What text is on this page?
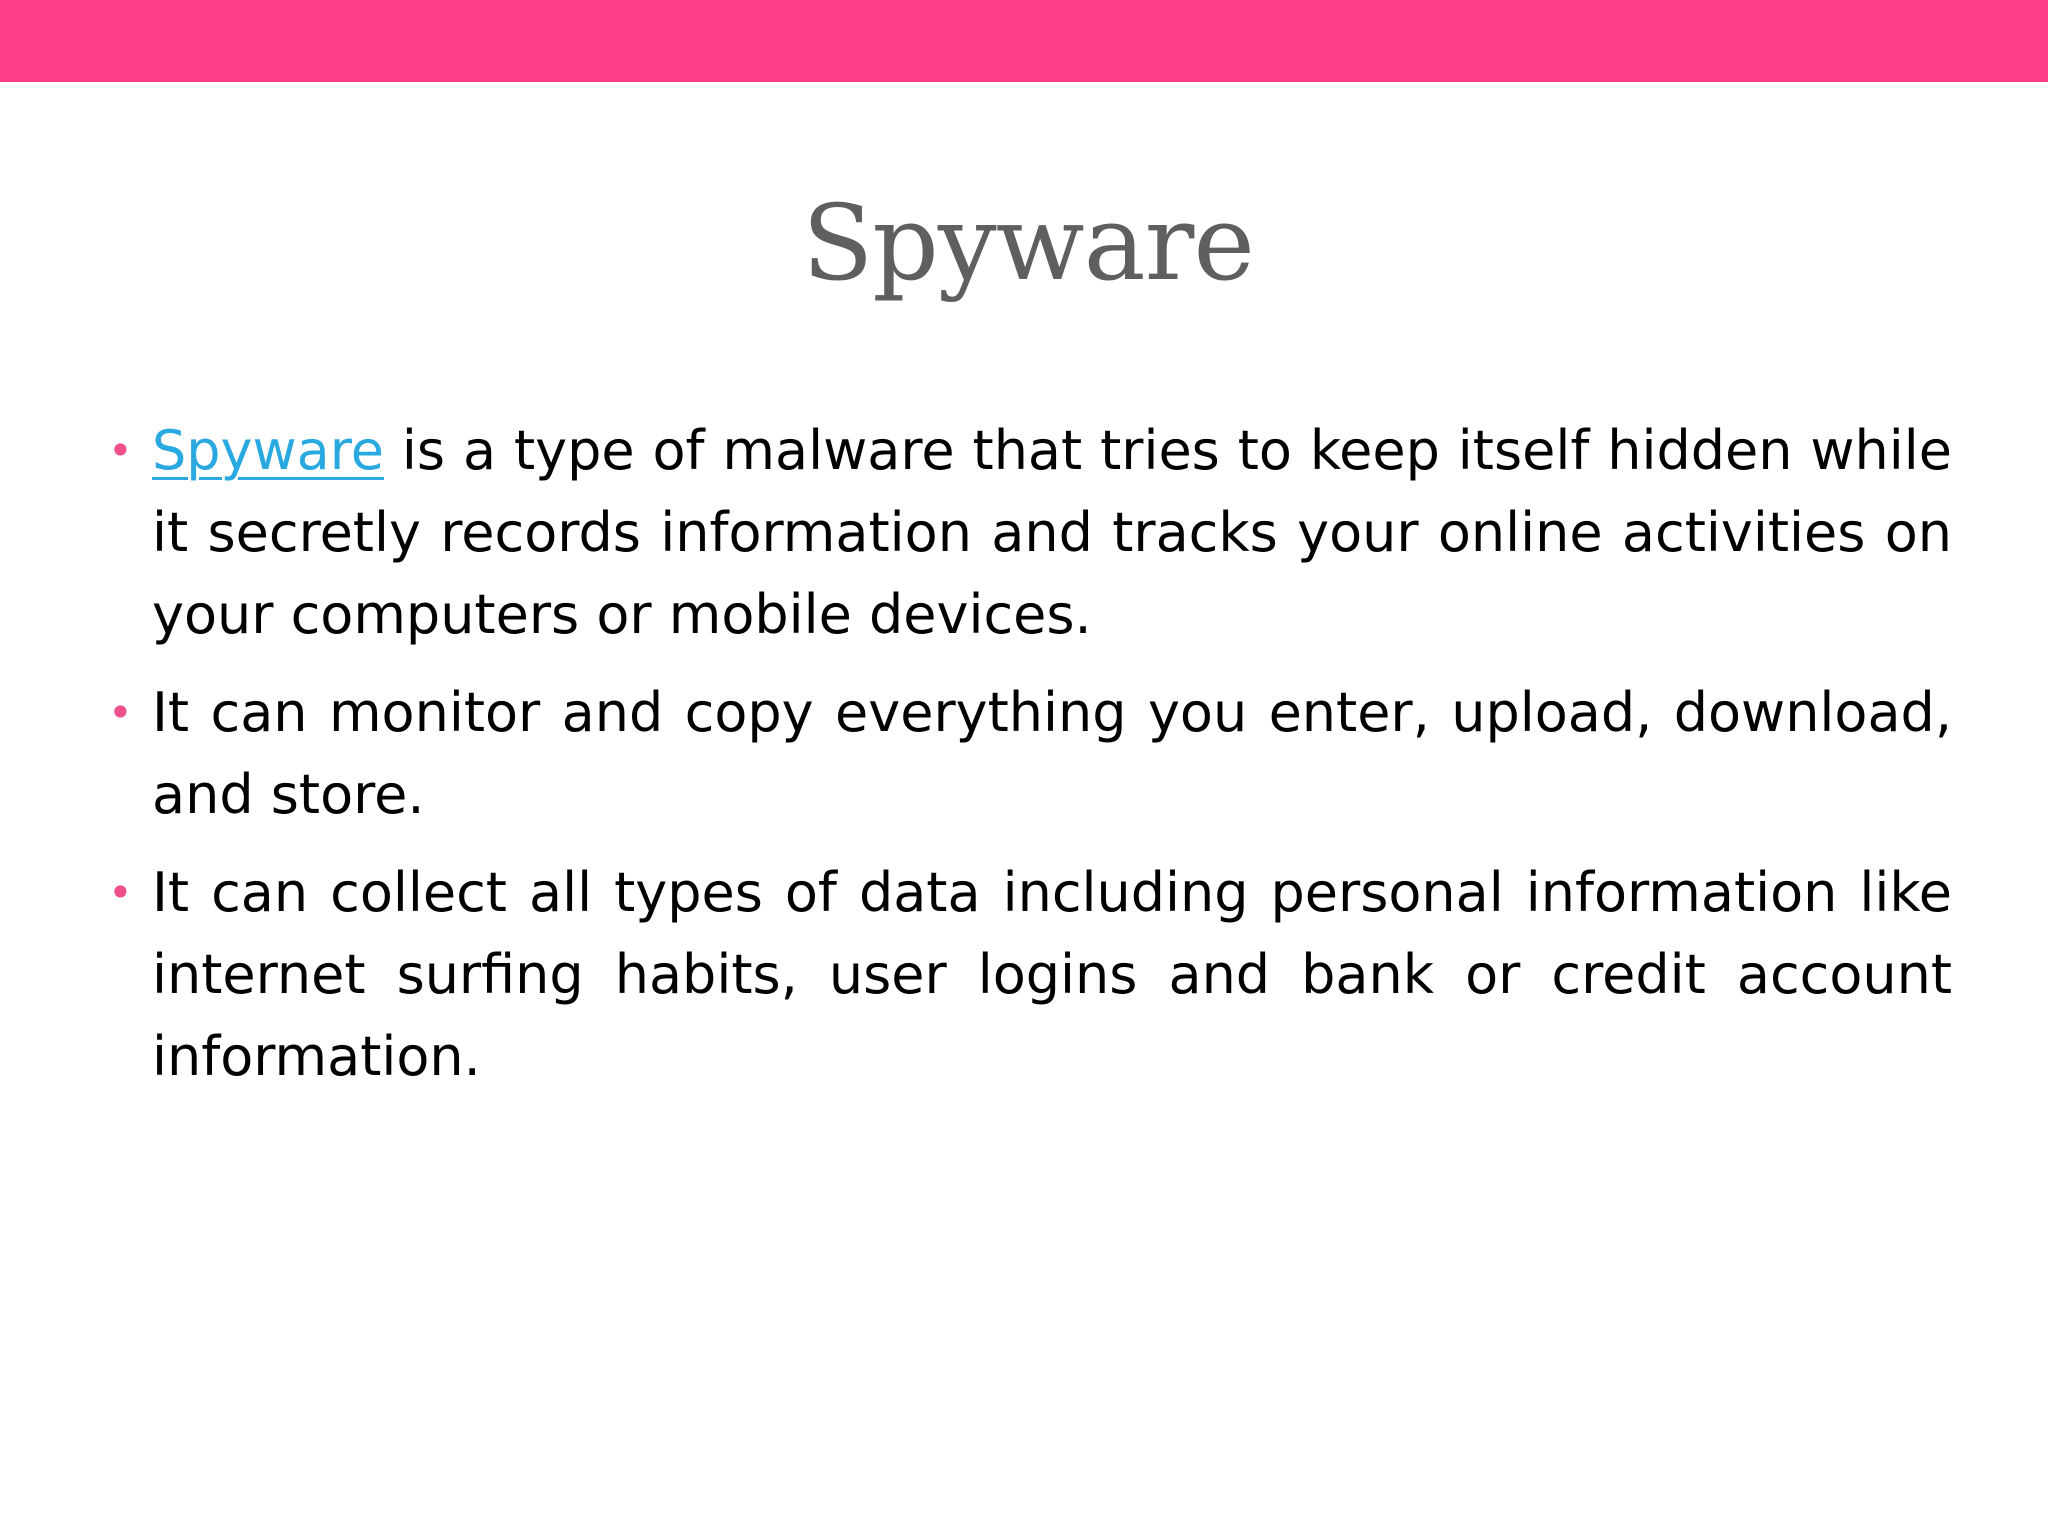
Spyware
• Spyware is a type of malware that tries to keep itself hidden while it secretly records information and tracks your online activities on your computers or mobile devices.
• It can monitor and copy everything you enter, upload, download, and store.
• It can collect all types of data including personal information like internet surfing habits, user logins and bank or credit account information.
